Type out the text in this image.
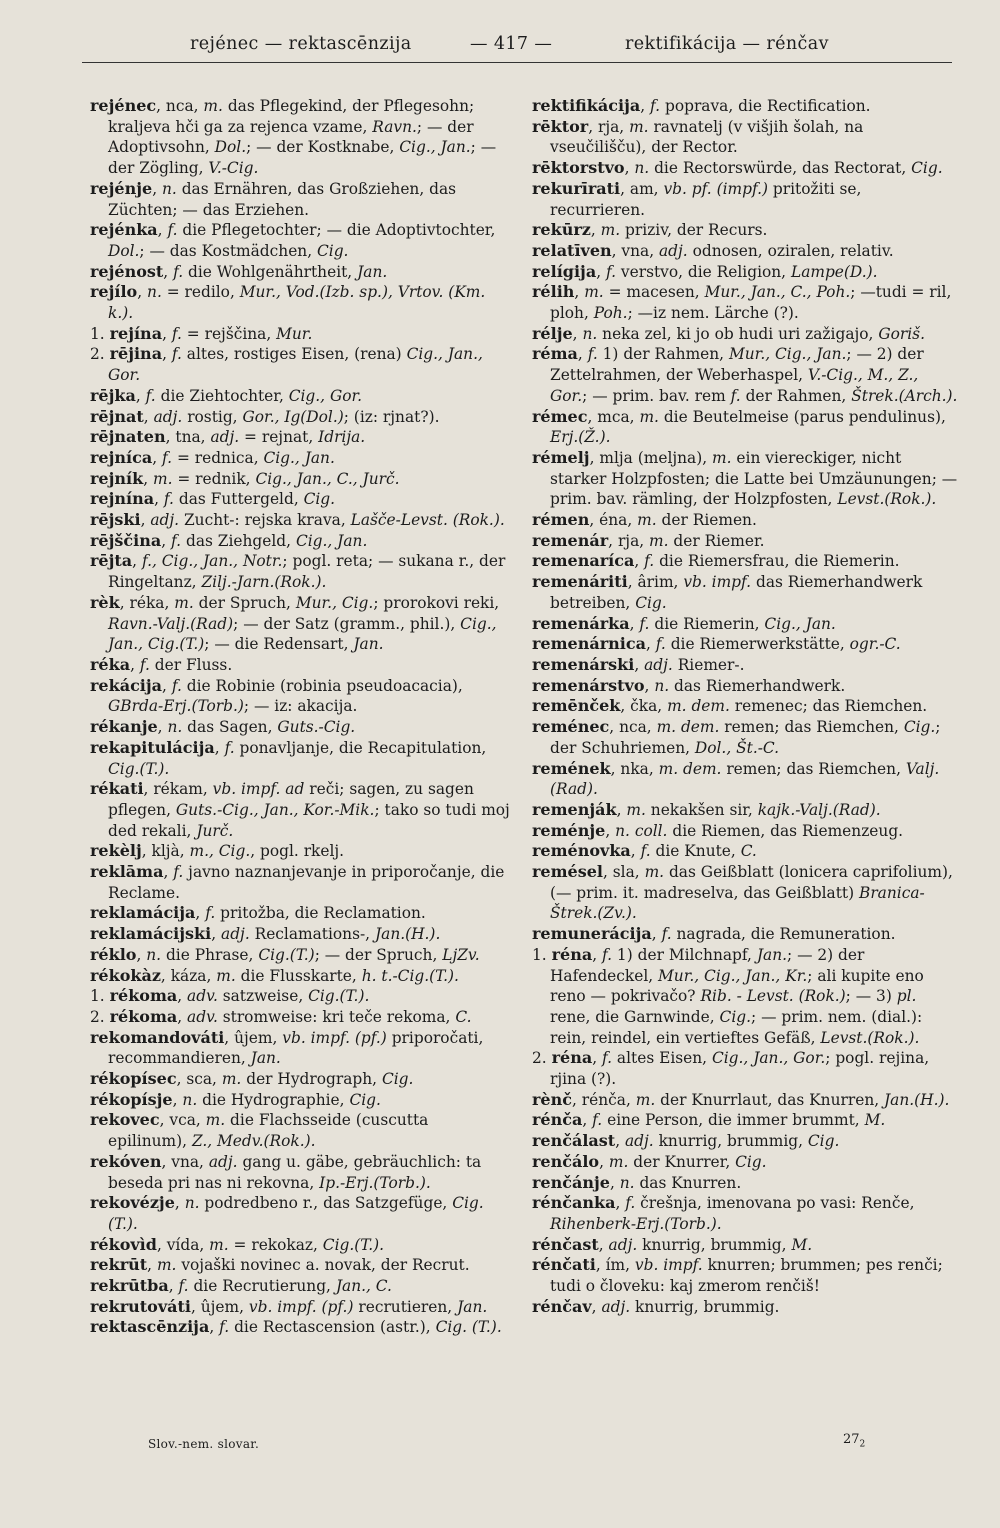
rejénec — rektascēnzija	— 417 —	rektifikácija — rénčav

rejénec, nca, m. das Pflegekind, der Pflegesohn; kraljeva hči ga za rejenca vzame, Ravn.; — der Adoptivsohn, Dol.; — der Kostknabe, Cig., Jan.; — der Zögling, V.-Cig.

rejénje, n. das Ernähren, das Großziehen, das Züchten; — das Erziehen.

rejénka, f. die Pflegetochter; — die Adoptivtochter, Dol.; — das Kostmädchen, Cig.

rejénost, f. die Wohlgenährtheit, Jan.

rejílo, n. = redilo, Mur., Vod.(Izb. sp.), Vrtov. (Km. k.).

1. rejína, f. = rejščina, Mur.

2. rējina, f. altes, rostiges Eisen, (rena) Cig., Jan., Gor.

rējka, f. die Ziehtochter, Cig., Gor.

rējnat, adj. rostig, Gor., Ig(Dol.); (iz: rjnat?).

rējnaten, tna, adj. = rejnat, Idrija.

rejníca, f. = rednica, Cig., Jan.

rejník, m. = rednik, Cig., Jan., C., Jurč.

rejnína, f. das Futtergeld, Cig.

rējski, adj. Zucht-: rejska krava, Lašče-Levst. (Rok.).

rējščina, f. das Ziehgeld, Cig., Jan.

rējta, f., Cig., Jan., Notr.; pogl. reta; — sukana r., der Ringeltanz, Zilj.-Jarn.(Rok.).

rèk, réka, m. der Spruch, Mur., Cig.; prorokovi reki, Ravn.-Valj.(Rad); — der Satz (gramm., phil.), Cig., Jan., Cig.(T.); — die Redensart, Jan.

réka, f. der Fluss.

rekácija, f. die Robinie (robinia pseudoacacia), GBrda-Erj.(Torb.); — iz: akacija.

rékanje, n. das Sagen, Guts.-Cig.

rekapitulácija, f. ponavljanje, die Recapitulation, Cig.(T.).

rékati, rékam, vb. impf. ad reči; sagen, zu sagen pflegen, Guts.-Cig., Jan., Kor.-Mik.; tako so tudi moj ded rekali, Jurč.

rekèlj, kljà, m., Cig., pogl. rkelj.

reklāma, f. javno naznanjevanje in priporočanje, die Reclame.

reklamácija, f. pritožba, die Reclamation.

reklamácijski, adj. Reclamations-, Jan.(H.).

réklo, n. die Phrase, Cig.(T.); — der Spruch, LjZv.

rékokàz, káza, m. die Flusskarte, h. t.-Cig.(T.).

1. rékoma, adv. satzweise, Cig.(T.).

2. rékoma, adv. stromweise: kri teče rekoma, C.

rekomandováti, ûjem, vb. impf. (pf.) priporočati, recommandieren, Jan.

rékopísec, sca, m. der Hydrograph, Cig.

rékopísje, n. die Hydrographie, Cig.

rekovec, vca, m. die Flachsseide (cuscutta epilinum), Z., Medv.(Rok.).

rekóven, vna, adj. gang u. gäbe, gebräuchlich: ta beseda pri nas ni rekovna, Ip.-Erj.(Torb.).

rekovézje, n. podredbeno r., das Satzgefüge, Cig.(T.).

rékovìd, vída, m. = rekokaz, Cig.(T.).

rekrūt, m. vojaški novinec a. novak, der Recrut.

rekrūtba, f. die Recrutierung, Jan., C.

rekrutováti, ûjem, vb. impf. (pf.) recrutieren, Jan.

rektascēnzija, f. die Rectascension (astr.), Cig. (T.).

rektifikácija, f. poprava, die Rectification.

rēktor, rja, m. ravnatelj (v višjih šolah, na vseučilišču), der Rector.

rēktorstvo, n. die Rectorswürde, das Rectorat, Cig.

rekurīrati, am, vb. pf. (impf.) pritožiti se, recurrieren.

rekūrz, m. priziv, der Recurs.

relatīven, vna, adj. odnosen, oziralen, relativ.

relígija, f. verstvo, die Religion, Lampe(D.).

rélih, m. = macesen, Mur., Jan., C., Poh.; —tudi = ril, ploh, Poh.; —iz nem. Lärche (?).

rélje, n. neka zel, ki jo ob hudi uri zažigajo, Goriš.

réma, f. 1) der Rahmen, Mur., Cig., Jan.; — 2) der Zettelrahmen, der Weberhaspel, V.-Cig., M., Z., Gor.; — prim. bav. rem f. der Rahmen, Štrek.(Arch.).

rémec, mca, m. die Beutelmeise (parus pendulinus), Erj.(Ž.).

rémelj, mlja (meljna), m. ein viereckiger, nicht starker Holzpfosten; die Latte bei Umzäunungen; — prim. bav. rämling, der Holzpfosten, Levst.(Rok.).

rémen, éna, m. der Riemen.

remenár, rja, m. der Riemer.

remenaríca, f. die Riemersfrau, die Riemerin.

remenáriti, ârim, vb. impf. das Riemerhandwerk betreiben, Cig.

remenárka, f. die Riemerin, Cig., Jan.

remenárnica, f. die Riemerwerkstätte, ogr.-C.

remenárski, adj. Riemer-.

remenárstvo, n. das Riemerhandwerk.

remēnček, čka, m. dem. remenec; das Riemchen.

reménec, nca, m. dem. remen; das Riemchen, Cig.; der Schuhriemen, Dol., Št.-C.

remének, nka, m. dem. remen; das Riemchen, Valj.(Rad).

remenják, m. nekakšen sir, kajk.-Valj.(Rad).

reménje, n. coll. die Riemen, das Riemenzeug.

reménovka, f. die Knute, C.

remésel, sla, m. das Geißblatt (lonicera caprifolium), (— prim. it. madreselva, das Geißblatt) Branica-Štrek.(Zv.).

remunerácija, f. nagrada, die Remuneration.

1. réna, f. 1) der Milchnapf, Jan.; — 2) der Hafendeckel, Mur., Cig., Jan., Kr.; ali kupite eno reno — pokrivačo? Rib. - Levst. (Rok.); — 3) pl. rene, die Garnwinde, Cig.; — prim. nem. (dial.): rein, reindel, ein vertieftes Gefäß, Levst.(Rok.).

2. réna, f. altes Eisen, Cig., Jan., Gor.; pogl. rejina, rjina (?).

rènč, rénča, m. der Knurrlaut, das Knurren, Jan.(H.).

rénča, f. eine Person, die immer brummt, M.

renčálast, adj. knurrig, brummig, Cig.

renčálo, m. der Knurrer, Cig.

renčánje, n. das Knurren.

rénčanka, f. črešnja, imenovana po vasi: Renče, Rihenberk-Erj.(Torb.).

rénčast, adj. knurrig, brummig, M.

rénčati, ím, vb. impf. knurren; brummen; pes renči; tudi o človeku: kaj zmerom renčiš!

rénčav, adj. knurrig, brummig.

Slov.-nem. slovar.	$27_2$
